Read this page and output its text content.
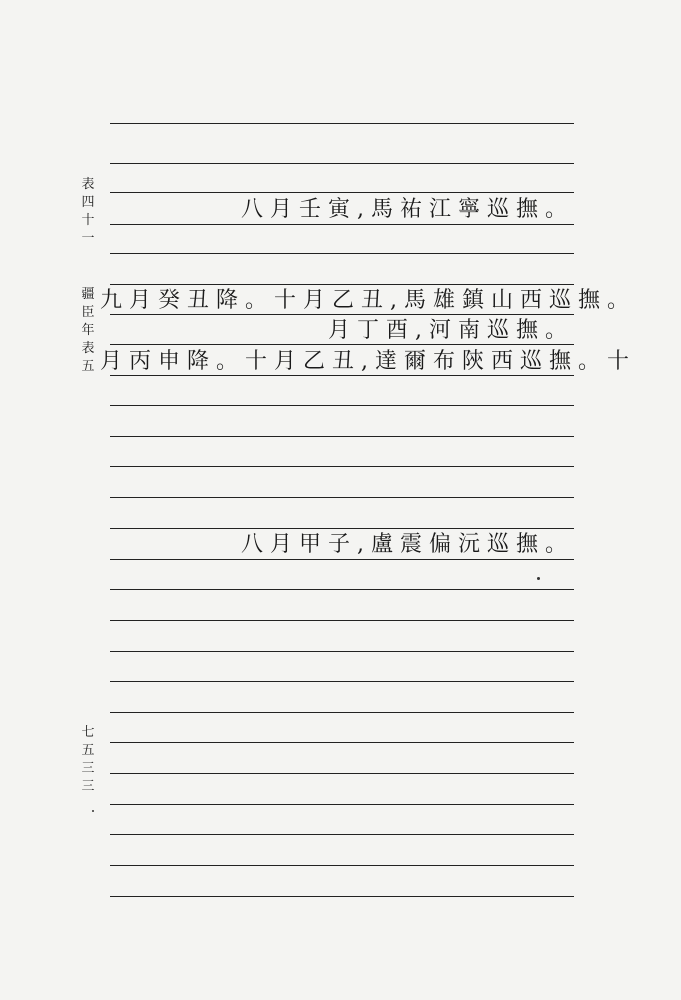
表四十一
疆臣年表五
七五三三
八月壬寅,馬祐江寧巡撫。
九月癸丑降。十月乙丑,馬雄鎮山西巡撫。
月丁酉,河南巡撫。
月丙申降。十月乙丑,達爾布陝西巡撫。十
八月甲子,盧震偏沅巡撫。
